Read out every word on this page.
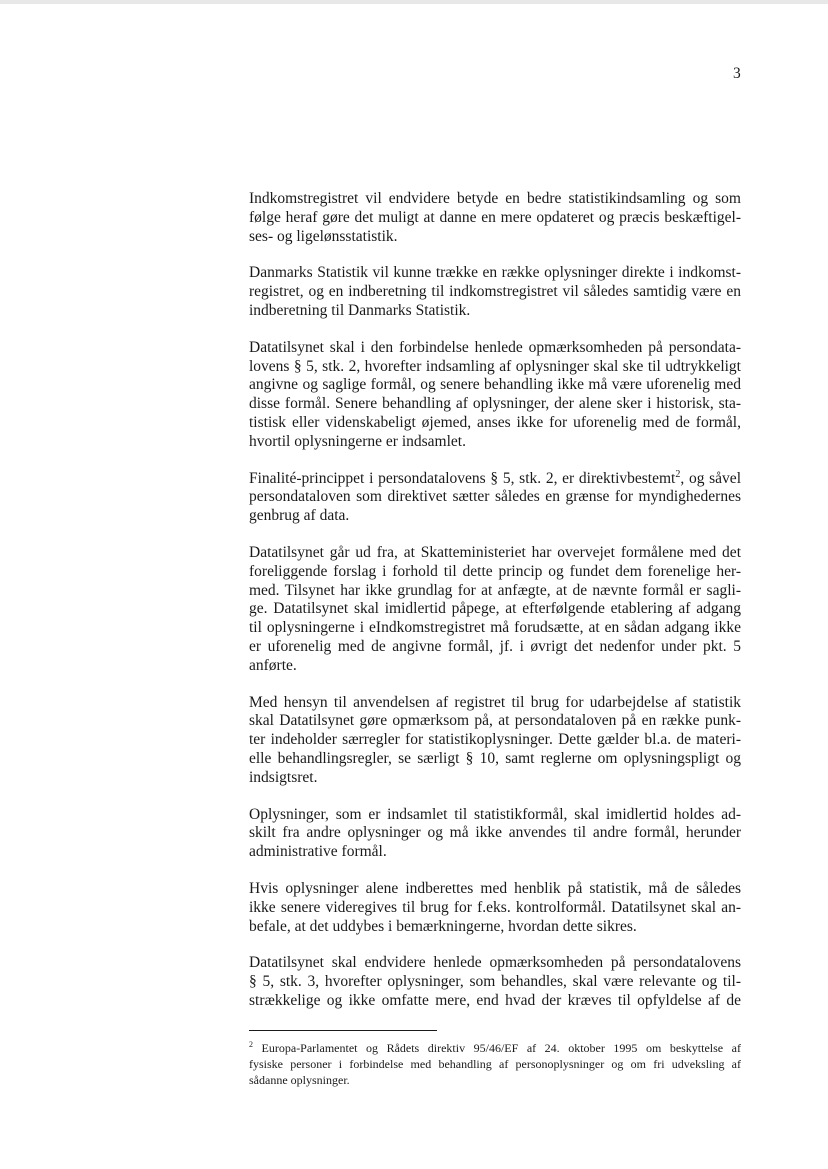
3

Indkomstregistret vil endvidere betyde en bedre statistikindsamling og som
følge heraf gøre det muligt at danne en mere opdateret og præcis beskæftigel-
ses- og ligelønsstatistik.

Danmarks Statistik vil kunne trække en række oplysninger direkte i indkomst-
registret, og en indberetning til indkomstregistret vil således samtidig være en
indberetning til Danmarks Statistik.

Datatilsynet skal i den forbindelse henlede opmærksomheden på persondata-
lovens § 5, stk. 2, hvorefter indsamling af oplysninger skal ske til udtrykkeligt
angivne og saglige formål, og senere behandling ikke må være uforenelig med
disse formål. Senere behandling af oplysninger, der alene sker i historisk, sta-
tistisk eller videnskabeligt øjemed, anses ikke for uforenelig med de formål,
hvortil oplysningerne er indsamlet.

Finalité-princippet i persondatalovens § 5, stk. 2, er direktivbestemt$^2$, og såvel
persondataloven som direktivet sætter således en grænse for myndighedernes
genbrug af data.

Datatilsynet går ud fra, at Skatteministeriet har overvejet formålene med det
foreliggende forslag i forhold til dette princip og fundet dem forenelige her-
med. Tilsynet har ikke grundlag for at anfægte, at de nævnte formål er sagli-
ge. Datatilsynet skal imidlertid påpege, at efterfølgende etablering af adgang
til oplysningerne i eIndkomstregistret må forudsætte, at en sådan adgang ikke
er uforenelig med de angivne formål, jf. i øvrigt det nedenfor under pkt. 5
anførte.

Med hensyn til anvendelsen af registret til brug for udarbejdelse af statistik
skal Datatilsynet gøre opmærksom på, at persondataloven på en række punk-
ter indeholder særregler for statistikoplysninger. Dette gælder bl.a. de materi-
elle behandlingsregler, se særligt § 10, samt reglerne om oplysningspligt og
indsigtsret.

Oplysninger, som er indsamlet til statistikformål, skal imidlertid holdes ad-
skilt fra andre oplysninger og må ikke anvendes til andre formål, herunder
administrative formål.

Hvis oplysninger alene indberettes med henblik på statistik, må de således
ikke senere videregives til brug for f.eks. kontrolformål. Datatilsynet skal an-
befale, at det uddybes i bemærkningerne, hvordan dette sikres.

Datatilsynet skal endvidere henlede opmærksomheden på persondatalovens
§ 5, stk. 3, hvorefter oplysninger, som behandles, skal være relevante og til-
strækkelige og ikke omfatte mere, end hvad der kræves til opfyldelse af de

$^2$ Europa-Parlamentet og Rådets direktiv 95/46/EF af 24. oktober 1995 om beskyttelse af
fysiske personer i forbindelse med behandling af personoplysninger og om fri udveksling af
sådanne oplysninger.
